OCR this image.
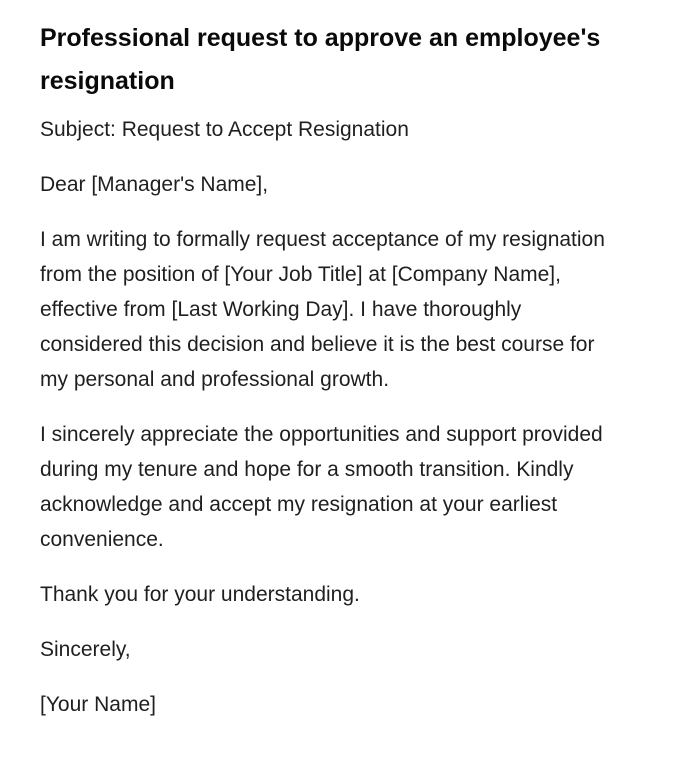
Professional request to approve an employee's resignation

Subject: Request to Accept Resignation

Dear [Manager's Name],

I am writing to formally request acceptance of my resignation from the position of [Your Job Title] at [Company Name], effective from [Last Working Day]. I have thoroughly considered this decision and believe it is the best course for my personal and professional growth.

I sincerely appreciate the opportunities and support provided during my tenure and hope for a smooth transition. Kindly acknowledge and accept my resignation at your earliest convenience.

Thank you for your understanding.

Sincerely,

[Your Name]
